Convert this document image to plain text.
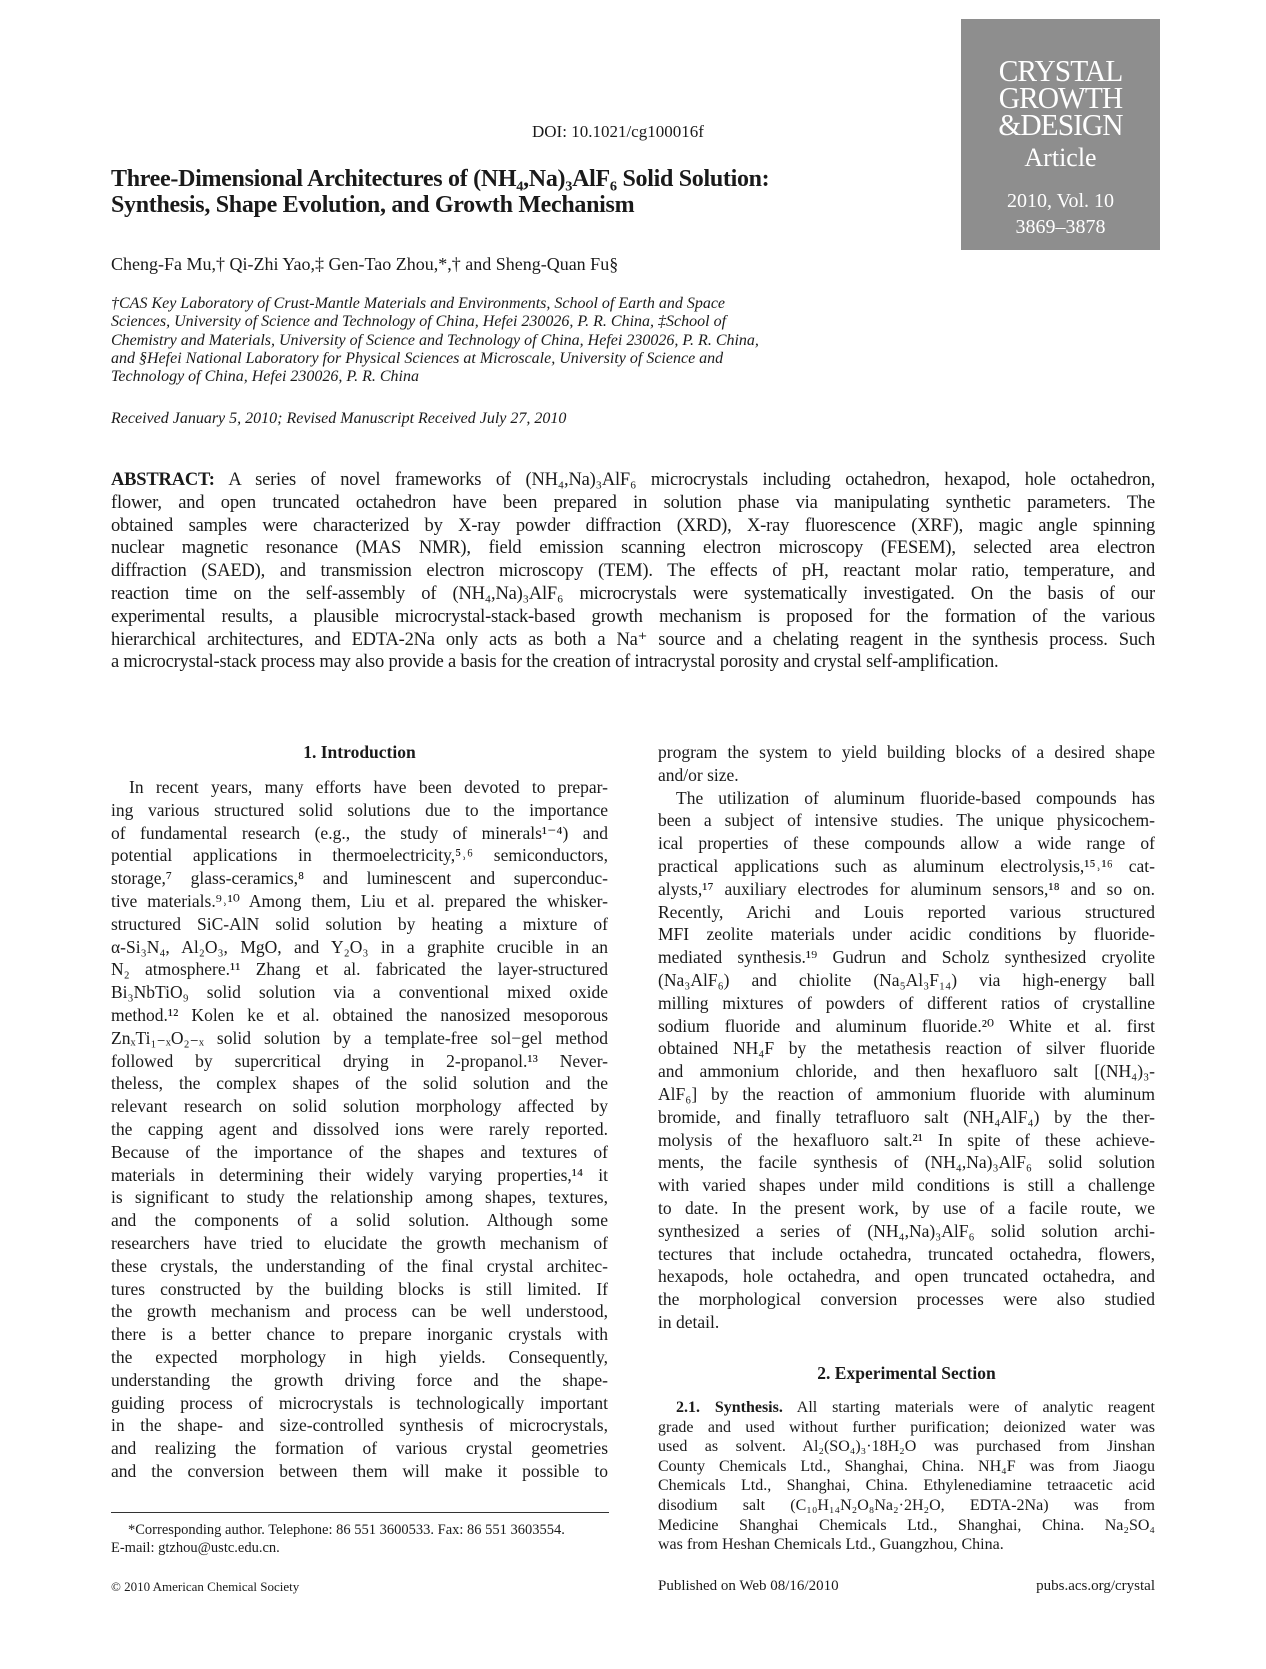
DOI: 10.1021/cg100016f
CRYSTAL
GROWTH
&DESIGN
Article
2010, Vol. 10
3869–3878
Three-Dimensional Architectures of (NH₄,Na)₃AlF₆ Solid Solution:
Synthesis, Shape Evolution, and Growth Mechanism
Cheng-Fa Mu,† Qi-Zhi Yao,‡ Gen-Tao Zhou,*,† and Sheng-Quan Fu§
†CAS Key Laboratory of Crust-Mantle Materials and Environments, School of Earth and Space
Sciences, University of Science and Technology of China, Hefei 230026, P. R. China, ‡School of
Chemistry and Materials, University of Science and Technology of China, Hefei 230026, P. R. China,
and §Hefei National Laboratory for Physical Sciences at Microscale, University of Science and
Technology of China, Hefei 230026, P. R. China
Received January 5, 2010; Revised Manuscript Received July 27, 2010
ABSTRACT: A series of novel frameworks of (NH₄,Na)₃AlF₆ microcrystals including octahedron, hexapod, hole octahedron,
flower, and open truncated octahedron have been prepared in solution phase via manipulating synthetic parameters. The
obtained samples were characterized by X-ray powder diffraction (XRD), X-ray fluorescence (XRF), magic angle spinning
nuclear magnetic resonance (MAS NMR), field emission scanning electron microscopy (FESEM), selected area electron
diffraction (SAED), and transmission electron microscopy (TEM). The effects of pH, reactant molar ratio, temperature, and
reaction time on the self-assembly of (NH₄,Na)₃AlF₆ microcrystals were systematically investigated. On the basis of our
experimental results, a plausible microcrystal-stack-based growth mechanism is proposed for the formation of the various
hierarchical architectures, and EDTA-2Na only acts as both a Na⁺ source and a chelating reagent in the synthesis process. Such
a microcrystal-stack process may also provide a basis for the creation of intracrystal porosity and crystal self-amplification.
1. Introduction
In recent years, many efforts have been devoted to prepar-
ing various structured solid solutions due to the importance
of fundamental research (e.g., the study of minerals¹⁻⁴) and
potential applications in thermoelectricity,⁵˒⁶ semiconductors,
storage,⁷ glass-ceramics,⁸ and luminescent and superconduc-
tive materials.⁹˒¹⁰ Among them, Liu et al. prepared the whisker-
structured SiC-AlN solid solution by heating a mixture of
α-Si₃N₄, Al₂O₃, MgO, and Y₂O₃ in a graphite crucible in an
N₂ atmosphere.¹¹ Zhang et al. fabricated the layer-structured
Bi₃NbTiO₉ solid solution via a conventional mixed oxide
method.¹² Kolen ke et al. obtained the nanosized mesoporous
ZnₓTi₁₋ₓO₂₋ₓ solid solution by a template-free sol−gel method
followed by supercritical drying in 2-propanol.¹³ Never-
theless, the complex shapes of the solid solution and the
relevant research on solid solution morphology affected by
the capping agent and dissolved ions were rarely reported.
Because of the importance of the shapes and textures of
materials in determining their widely varying properties,¹⁴ it
is significant to study the relationship among shapes, textures,
and the components of a solid solution. Although some
researchers have tried to elucidate the growth mechanism of
these crystals, the understanding of the final crystal architec-
tures constructed by the building blocks is still limited. If
the growth mechanism and process can be well understood,
there is a better chance to prepare inorganic crystals with
the expected morphology in high yields. Consequently,
understanding the growth driving force and the shape-
guiding process of microcrystals is technologically important
in the shape- and size-controlled synthesis of microcrystals,
and realizing the formation of various crystal geometries
and the conversion between them will make it possible to
program the system to yield building blocks of a desired shape
and/or size.
The utilization of aluminum fluoride-based compounds has
been a subject of intensive studies. The unique physicochem-
ical properties of these compounds allow a wide range of
practical applications such as aluminum electrolysis,¹⁵˒¹⁶ cat-
alysts,¹⁷ auxiliary electrodes for aluminum sensors,¹⁸ and so on.
Recently, Arichi and Louis reported various structured
MFI zeolite materials under acidic conditions by fluoride-
mediated synthesis.¹⁹ Gudrun and Scholz synthesized cryolite
(Na₃AlF₆) and chiolite (Na₅Al₃F₁₄) via high-energy ball
milling mixtures of powders of different ratios of crystalline
sodium fluoride and aluminum fluoride.²⁰ White et al. first
obtained NH₄F by the metathesis reaction of silver fluoride
and ammonium chloride, and then hexafluoro salt [(NH₄)₃-
AlF₆] by the reaction of ammonium fluoride with aluminum
bromide, and finally tetrafluoro salt (NH₄AlF₄) by the ther-
molysis of the hexafluoro salt.²¹ In spite of these achieve-
ments, the facile synthesis of (NH₄,Na)₃AlF₆ solid solution
with varied shapes under mild conditions is still a challenge
to date. In the present work, by use of a facile route, we
synthesized a series of (NH₄,Na)₃AlF₆ solid solution archi-
tectures that include octahedra, truncated octahedra, flowers,
hexapods, hole octahedra, and open truncated octahedra, and
the morphological conversion processes were also studied
in detail.
2. Experimental Section
2.1. Synthesis. All starting materials were of analytic reagent
grade and used without further purification; deionized water was
used as solvent. Al₂(SO₄)₃·18H₂O was purchased from Jinshan
County Chemicals Ltd., Shanghai, China. NH₄F was from Jiaogu
Chemicals Ltd., Shanghai, China. Ethylenediamine tetraacetic acid
disodium salt (C₁₀H₁₄N₂O₈Na₂·2H₂O, EDTA-2Na) was from
Medicine Shanghai Chemicals Ltd., Shanghai, China. Na₂SO₄
was from Heshan Chemicals Ltd., Guangzhou, China.
*Corresponding author. Telephone: 86 551 3600533. Fax: 86 551 3603554.
E-mail: gtzhou@ustc.edu.cn.
© 2010 American Chemical Society	Published on Web 08/16/2010	pubs.acs.org/crystal
